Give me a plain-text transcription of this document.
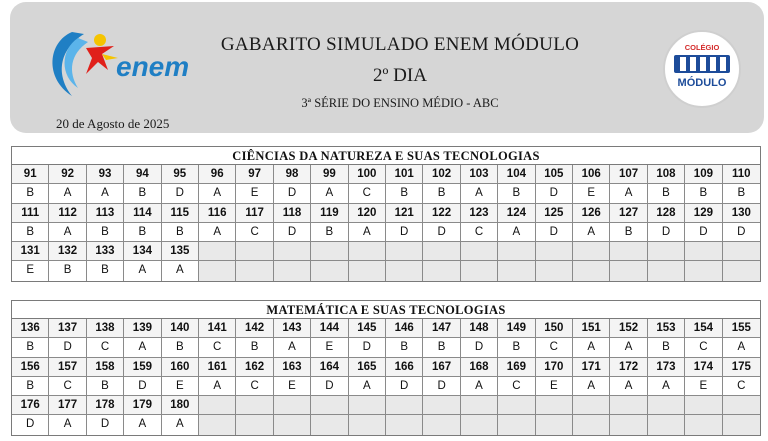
enem
GABARITO SIMULADO ENEM MÓDULO
2º DIA
3ª SÉRIE DO ENSINO MÉDIO - ABC
20 de Agosto de 2025
COLÉGIO
MÓDULO
CIÊNCIAS DA NATUREZA E SUAS TECNOLOGIAS
91	92	93	94	95	96	97	98	99	100	101	102	103	104	105	106	107	108	109	110
B	A	A	B	D	A	E	D	A	C	B	B	A	B	D	E	A	B	B	B
111	112	113	114	115	116	117	118	119	120	121	122	123	124	125	126	127	128	129	130
B	A	B	B	B	A	C	D	B	A	D	D	C	A	D	A	B	D	D	D
131	132	133	134	135
E	B	B	A	A
MATEMÁTICA E SUAS TECNOLOGIAS
136	137	138	139	140	141	142	143	144	145	146	147	148	149	150	151	152	153	154	155
B	D	C	A	B	C	B	A	E	D	B	B	D	B	C	A	A	B	C	A
156	157	158	159	160	161	162	163	164	165	166	167	168	169	170	171	172	173	174	175
B	C	B	D	E	A	C	E	D	A	D	D	A	C	E	A	A	A	E	C
176	177	178	179	180
D	A	D	A	A
